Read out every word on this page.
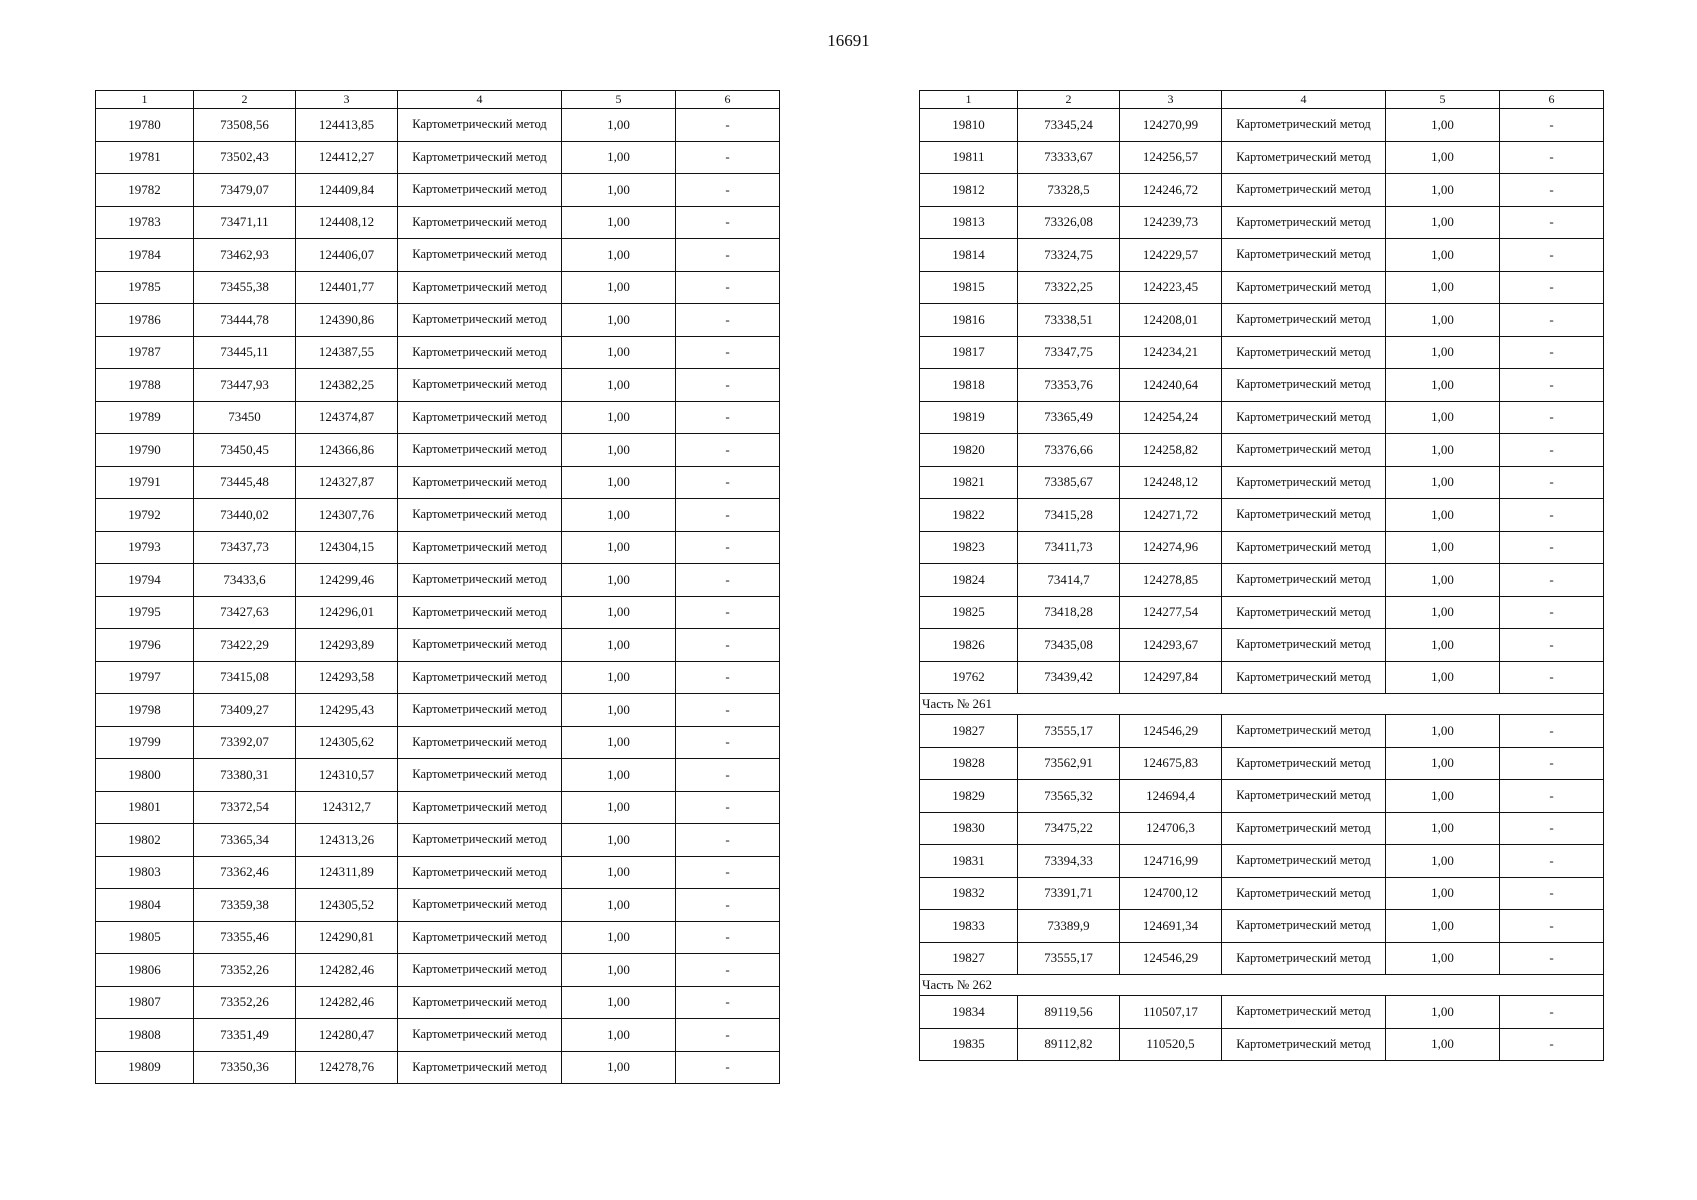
16691
1	2	3	4	5	6
19780	73508,56	124413,85	Картометрический метод	1,00	-
19781	73502,43	124412,27	Картометрический метод	1,00	-
19782	73479,07	124409,84	Картометрический метод	1,00	-
19783	73471,11	124408,12	Картометрический метод	1,00	-
19784	73462,93	124406,07	Картометрический метод	1,00	-
19785	73455,38	124401,77	Картометрический метод	1,00	-
19786	73444,78	124390,86	Картометрический метод	1,00	-
19787	73445,11	124387,55	Картометрический метод	1,00	-
19788	73447,93	124382,25	Картометрический метод	1,00	-
19789	73450	124374,87	Картометрический метод	1,00	-
19790	73450,45	124366,86	Картометрический метод	1,00	-
19791	73445,48	124327,87	Картометрический метод	1,00	-
19792	73440,02	124307,76	Картометрический метод	1,00	-
19793	73437,73	124304,15	Картометрический метод	1,00	-
19794	73433,6	124299,46	Картометрический метод	1,00	-
19795	73427,63	124296,01	Картометрический метод	1,00	-
19796	73422,29	124293,89	Картометрический метод	1,00	-
19797	73415,08	124293,58	Картометрический метод	1,00	-
19798	73409,27	124295,43	Картометрический метод	1,00	-
19799	73392,07	124305,62	Картометрический метод	1,00	-
19800	73380,31	124310,57	Картометрический метод	1,00	-
19801	73372,54	124312,7	Картометрический метод	1,00	-
19802	73365,34	124313,26	Картометрический метод	1,00	-
19803	73362,46	124311,89	Картометрический метод	1,00	-
19804	73359,38	124305,52	Картометрический метод	1,00	-
19805	73355,46	124290,81	Картометрический метод	1,00	-
19806	73352,26	124282,46	Картометрический метод	1,00	-
19807	73352,26	124282,46	Картометрический метод	1,00	-
19808	73351,49	124280,47	Картометрический метод	1,00	-
19809	73350,36	124278,76	Картометрический метод	1,00	-
1	2	3	4	5	6
19810	73345,24	124270,99	Картометрический метод	1,00	-
19811	73333,67	124256,57	Картометрический метод	1,00	-
19812	73328,5	124246,72	Картометрический метод	1,00	-
19813	73326,08	124239,73	Картометрический метод	1,00	-
19814	73324,75	124229,57	Картометрический метод	1,00	-
19815	73322,25	124223,45	Картометрический метод	1,00	-
19816	73338,51	124208,01	Картометрический метод	1,00	-
19817	73347,75	124234,21	Картометрический метод	1,00	-
19818	73353,76	124240,64	Картометрический метод	1,00	-
19819	73365,49	124254,24	Картометрический метод	1,00	-
19820	73376,66	124258,82	Картометрический метод	1,00	-
19821	73385,67	124248,12	Картометрический метод	1,00	-
19822	73415,28	124271,72	Картометрический метод	1,00	-
19823	73411,73	124274,96	Картометрический метод	1,00	-
19824	73414,7	124278,85	Картометрический метод	1,00	-
19825	73418,28	124277,54	Картометрический метод	1,00	-
19826	73435,08	124293,67	Картометрический метод	1,00	-
19762	73439,42	124297,84	Картометрический метод	1,00	-
Часть № 261					
19827	73555,17	124546,29	Картометрический метод	1,00	-
19828	73562,91	124675,83	Картометрический метод	1,00	-
19829	73565,32	124694,4	Картометрический метод	1,00	-
19830	73475,22	124706,3	Картометрический метод	1,00	-
19831	73394,33	124716,99	Картометрический метод	1,00	-
19832	73391,71	124700,12	Картометрический метод	1,00	-
19833	73389,9	124691,34	Картометрический метод	1,00	-
19827	73555,17	124546,29	Картометрический метод	1,00	-
Часть № 262					
19834	89119,56	110507,17	Картометрический метод	1,00	-
19835	89112,82	110520,5	Картометрический метод	1,00	-
